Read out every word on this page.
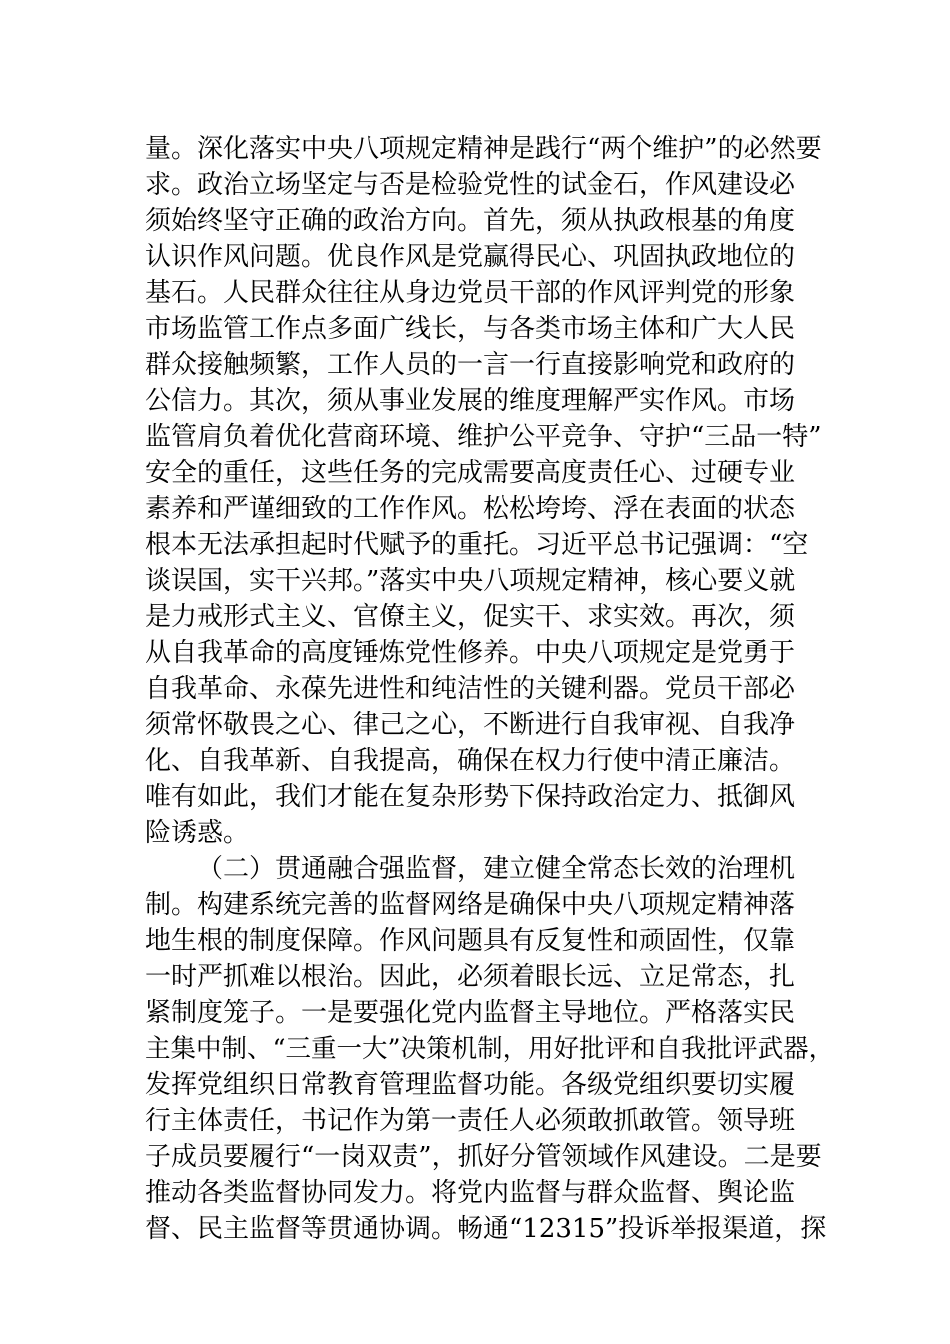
量。深化落实中央八项规定精神是践行“两个维护”的必然要
求。政治立场坚定与否是检验党性的试金石，作风建设必
须始终坚守正确的政治方向。首先，须从执政根基的角度
认识作风问题。优良作风是党赢得民心、巩固执政地位的
基石。人民群众往往从身边党员干部的作风评判党的形象
市场监管工作点多面广线长，与各类市场主体和广大人民
群众接触频繁，工作人员的一言一行直接影响党和政府的
公信力。其次，须从事业发展的维度理解严实作风。市场
监管肩负着优化营商环境、维护公平竞争、守护“三品一特”
安全的重任，这些任务的完成需要高度责任心、过硬专业
素养和严谨细致的工作作风。松松垮垮、浮在表面的状态
根本无法承担起时代赋予的重托。习近平总书记强调：“空
谈误国，实干兴邦。”落实中央八项规定精神，核心要义就
是力戒形式主义、官僚主义，促实干、求实效。再次，须
从自我革命的高度锤炼党性修养。中央八项规定是党勇于
自我革命、永葆先进性和纯洁性的关键利器。党员干部必
须常怀敬畏之心、律己之心，不断进行自我审视、自我净
化、自我革新、自我提高，确保在权力行使中清正廉洁。
唯有如此，我们才能在复杂形势下保持政治定力、抵御风
险诱惑。
（二）贯通融合强监督，建立健全常态长效的治理机
制。构建系统完善的监督网络是确保中央八项规定精神落
地生根的制度保障。作风问题具有反复性和顽固性，仅靠
一时严抓难以根治。因此，必须着眼长远、立足常态，扎
紧制度笼子。一是要强化党内监督主导地位。严格落实民
主集中制、“三重一大”决策机制，用好批评和自我批评武器，
发挥党组织日常教育管理监督功能。各级党组织要切实履
行主体责任，书记作为第一责任人必须敢抓敢管。领导班
子成员要履行“一岗双责”，抓好分管领域作风建设。二是要
推动各类监督协同发力。将党内监督与群众监督、舆论监
督、民主监督等贯通协调。畅通“12315”投诉举报渠道，探
